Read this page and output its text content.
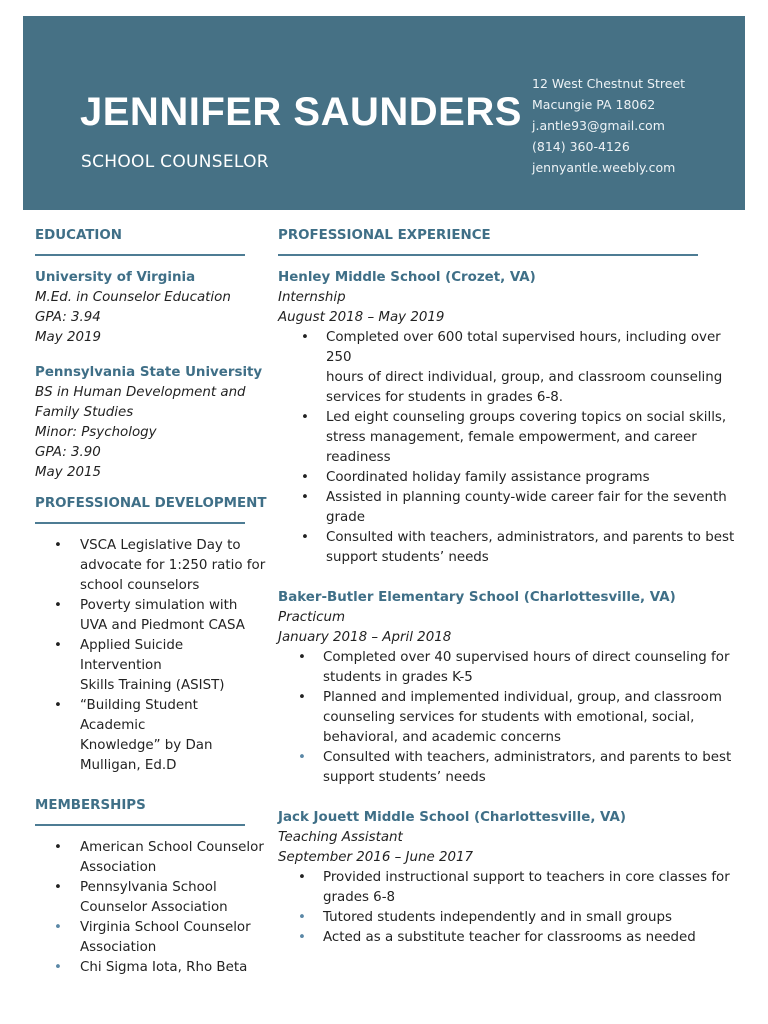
JENNIFER SAUNDERS
SCHOOL COUNSELOR
12 West Chestnut Street
Macungie PA 18062
j.antle93@gmail.com
(814) 360-4126
jennyantle.weebly.com
EDUCATION
University of Virginia
M.Ed. in Counselor Education
GPA: 3.94
May 2019
Pennsylvania State University
BS in Human Development and
Family Studies
Minor: Psychology
GPA: 3.90
May 2015
PROFESSIONAL DEVELOPMENT
• VSCA Legislative Day to
advocate for 1:250 ratio for
school counselors
• Poverty simulation with
UVA and Piedmont CASA
• Applied Suicide Intervention
Skills Training (ASIST)
• “Building Student Academic
Knowledge” by Dan
Mulligan, Ed.D
MEMBERSHIPS
• American School Counselor
Association
• Pennsylvania School
Counselor Association
• Virginia School Counselor
Association
• Chi Sigma Iota, Rho Beta
PROFESSIONAL EXPERIENCE
Henley Middle School (Crozet, VA)
Internship
August 2018 – May 2019
• Completed over 600 total supervised hours, including over 250
hours of direct individual, group, and classroom counseling
services for students in grades 6-8.
• Led eight counseling groups covering topics on social skills,
stress management, female empowerment, and career
readiness
• Coordinated holiday family assistance programs
• Assisted in planning county-wide career fair for the seventh
grade
• Consulted with teachers, administrators, and parents to best
support students’ needs
Baker-Butler Elementary School (Charlottesville, VA)
Practicum
January 2018 – April 2018
• Completed over 40 supervised hours of direct counseling for
students in grades K-5
• Planned and implemented individual, group, and classroom
counseling services for students with emotional, social,
behavioral, and academic concerns
• Consulted with teachers, administrators, and parents to best
support students’ needs
Jack Jouett Middle School (Charlottesville, VA)
Teaching Assistant
September 2016 – June 2017
• Provided instructional support to teachers in core classes for
grades 6-8
• Tutored students independently and in small groups
• Acted as a substitute teacher for classrooms as needed
